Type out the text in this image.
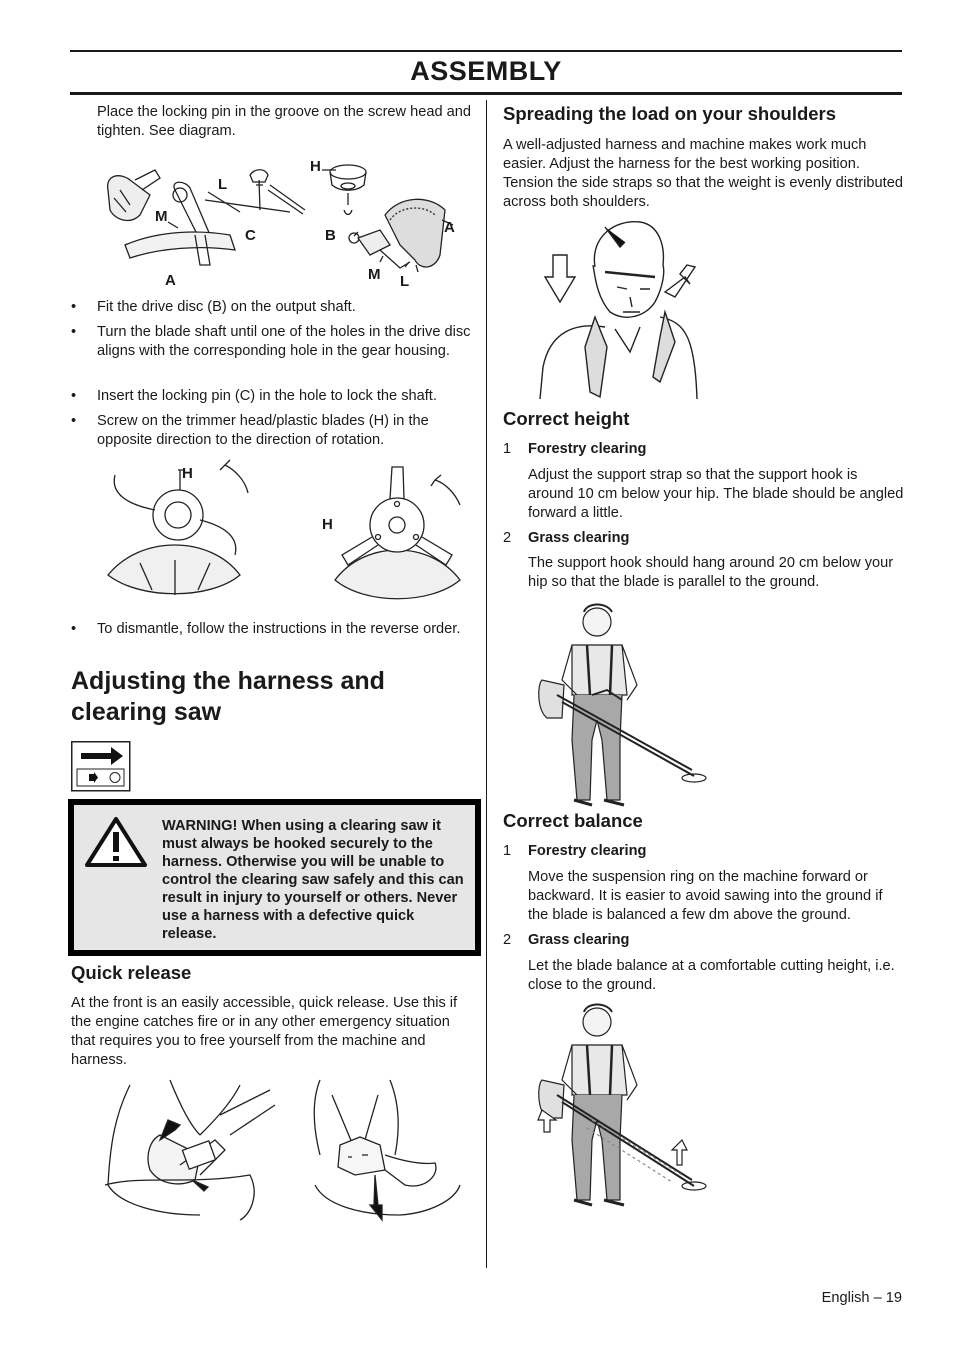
ASSEMBLY

Place the locking pin in the groove on the screw head and tighten. See diagram.

L
M
C
A
H
B	A
M L
• Fit the drive disc (B) on the output shaft.
• Turn the blade shaft until one of the holes in the drive disc aligns with the corresponding hole in the gear housing.
• Insert the locking pin (C) in the hole to lock the shaft.
• Screw on the trimmer head/plastic blades (H) in the opposite direction to the direction of rotation.
H
H
• To dismantle, follow the instructions in the reverse order.
Adjusting the harness and
clearing saw
WARNING! When using a clearing saw it must always be hooked securely to the harness. Otherwise you will be unable to control the clearing saw safely and this can result in injury to yourself or others. Never use a harness with a defective quick release.
Quick release

At the front is an easily accessible, quick release. Use this if the engine catches fire or in any other emergency situation that requires you to free yourself from the machine and harness.

Spreading the load on your shoulders

A well-adjusted harness and machine makes work much easier. Adjust the harness for the best working position. Tension the side straps so that the weight is evenly distributed across both shoulders.

Correct height
1 Forestry clearing

Adjust the support strap so that the support hook is around 10 cm below your hip. The blade should be angled forward a little.

2 Grass clearing

The support hook should hang around 20 cm below your hip so that the blade is parallel to the ground.

Correct balance
1 Forestry clearing

Move the suspension ring on the machine forward or backward. It is easier to avoid sawing into the ground if the blade is balanced a few dm above the ground.

2 Grass clearing

Let the blade balance at a comfortable cutting height, i.e. close to the ground.

English – 19
